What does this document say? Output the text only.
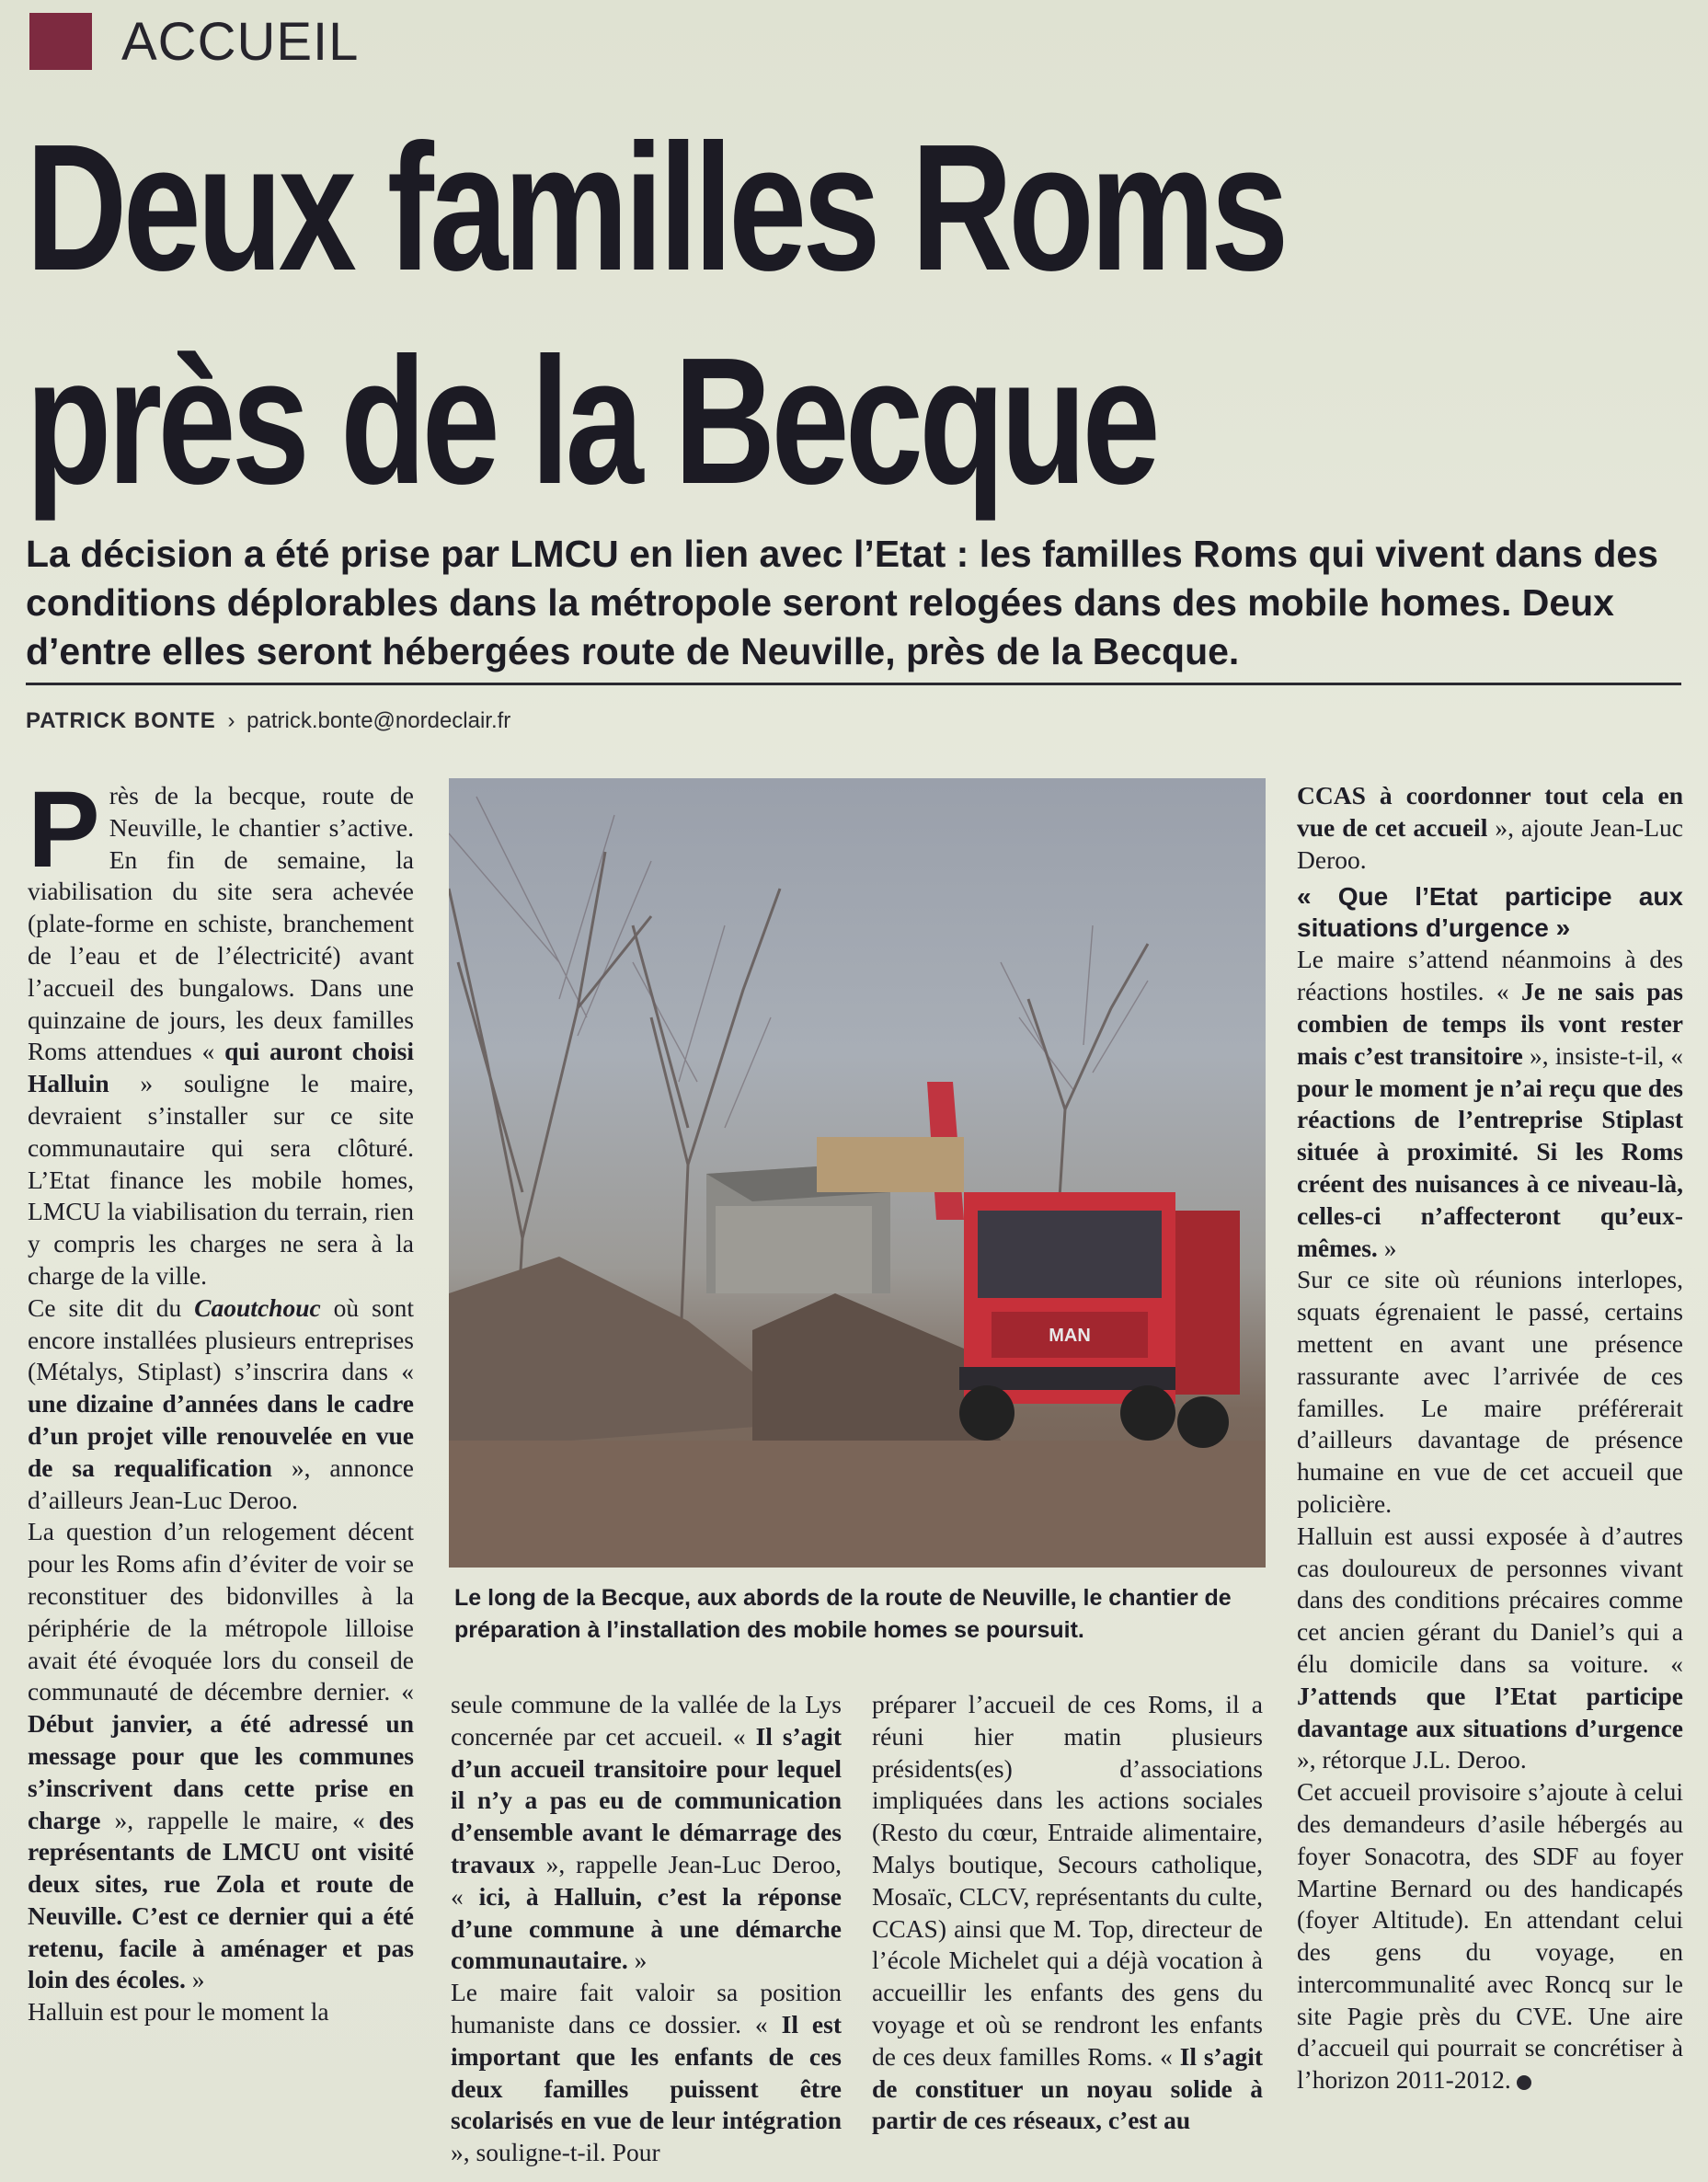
ACCUEIL
Deux familles Roms
près de la Becque
La décision a été prise par LMCU en lien avec l’Etat : les familles Roms qui vivent dans des conditions déplorables dans la métropole seront relogées dans des mobile homes. Deux d’entre elles seront hébergées route de Neuville, près de la Becque.
PATRICK BONTE › patrick.bonte@nordeclair.fr

Près de la becque, route de Neuville, le chantier s’active. En fin de semaine, la viabilisation du site sera achevée (plate-forme en schiste, branchement de l’eau et de l’électricité) avant l’accueil des bungalows. Dans une quinzaine de jours, les deux familles Roms attendues « qui auront choisi Halluin » souligne le maire, devraient s’installer sur ce site communautaire qui sera clôturé. L’Etat finance les mobile homes, LMCU la viabilisation du terrain, rien y compris les charges ne sera à la charge de la ville.

Ce site dit du Caoutchouc où sont encore installées plusieurs entreprises (Métalys, Stiplast) s’inscrira dans « une dizaine d’années dans le cadre d’un projet ville renouvelée en vue de sa requalification », annonce d’ailleurs Jean-Luc Deroo.

La question d’un relogement décent pour les Roms afin d’éviter de voir se reconstituer des bidonvilles à la périphérie de la métropole lilloise avait été évoquée lors du conseil de communauté de décembre dernier. « Début janvier, a été adressé un message pour que les communes s’inscrivent dans cette prise en charge », rappelle le maire, « des représentants de LMCU ont visité deux sites, rue Zola et route de Neuville. C’est ce dernier qui a été retenu, facile à aménager et pas loin des écoles. »

Halluin est pour le moment la

MAN
Le long de la Becque, aux abords de la route de Neuville, le chantier de préparation à l’installation des mobile homes se poursuit.

seule commune de la vallée de la Lys concernée par cet accueil. « Il s’agit d’un accueil transitoire pour lequel il n’y a pas eu de communication d’ensemble avant le démarrage des travaux », rappelle Jean-Luc Deroo, « ici, à Halluin, c’est la réponse d’une commune à une démarche communautaire. »

Le maire fait valoir sa position humaniste dans ce dossier. « Il est important que les enfants de ces deux familles puissent être scolarisés en vue de leur intégration », souligne-t-il. Pour

préparer l’accueil de ces Roms, il a réuni hier matin plusieurs présidents(es) d’associations impliquées dans les actions sociales (Resto du cœur, Entraide alimentaire, Malys boutique, Secours catholique, Mosaïc, CLCV, représentants du culte, CCAS) ainsi que M. Top, directeur de l’école Michelet qui a déjà vocation à accueillir les enfants des gens du voyage et où se rendront les enfants de ces deux familles Roms. « Il s’agit de constituer un noyau solide à partir de ces réseaux, c’est au

CCAS à coordonner tout cela en vue de cet accueil », ajoute Jean-Luc Deroo.

« Que l’Etat participe aux situations d’urgence »

Le maire s’attend néanmoins à des réactions hostiles. « Je ne sais pas combien de temps ils vont rester mais c’est transitoire », insiste-t-il, « pour le moment je n’ai reçu que des réactions de l’entreprise Stiplast située à proximité. Si les Roms créent des nuisances à ce niveau-là, celles-ci n’affecteront qu’eux-mêmes. »

Sur ce site où réunions interlopes, squats égrenaient le passé, certains mettent en avant une présence rassurante avec l’arrivée de ces familles. Le maire préférerait d’ailleurs davantage de présence humaine en vue de cet accueil que policière.

Halluin est aussi exposée à d’autres cas douloureux de personnes vivant dans des conditions précaires comme cet ancien gérant du Daniel’s qui a élu domicile dans sa voiture. « J’attends que l’Etat participe davantage aux situations d’urgence », rétorque J.L. Deroo.

Cet accueil provisoire s’ajoute à celui des demandeurs d’asile hébergés au foyer Sonacotra, des SDF au foyer Martine Bernard ou des handicapés (foyer Altitude). En attendant celui des gens du voyage, en intercommunalité avec Roncq sur le site Pagie près du CVE. Une aire d’accueil qui pourrait se concrétiser à l’horizon 2011-2012.
